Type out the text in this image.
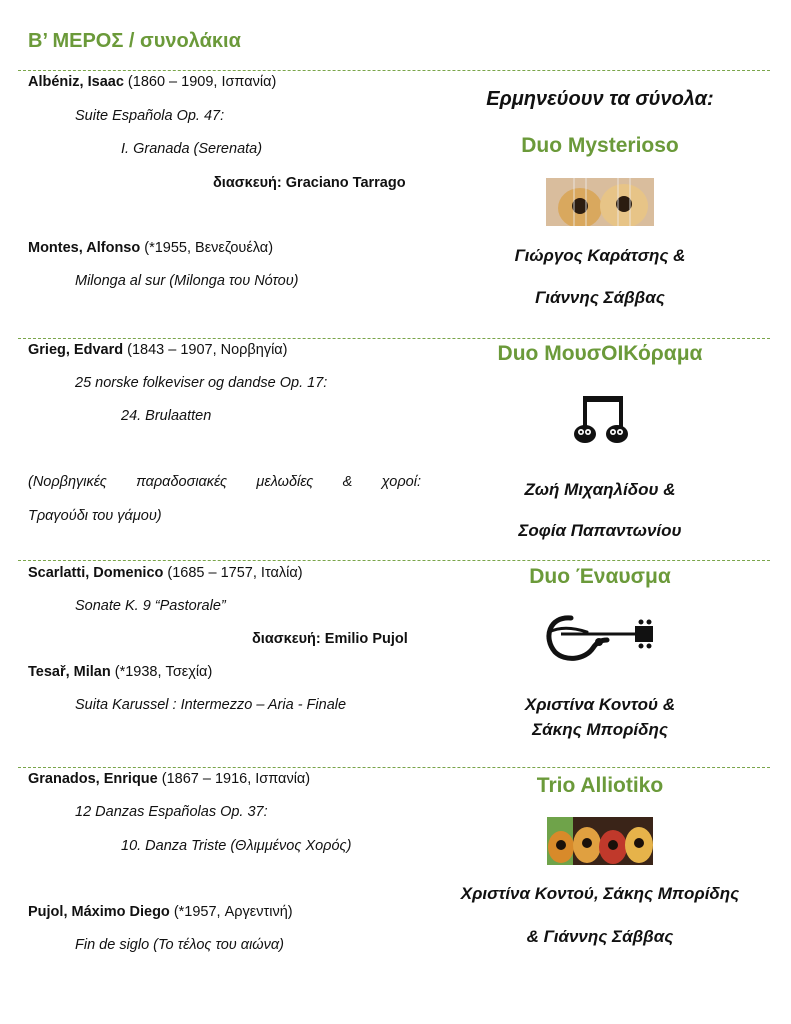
Β’ ΜΕΡΟΣ / συνολάκια
Albéniz, Isaac (1860 – 1909, Ισπανία)
Suite Española Op. 47:
I. Granada (Serenata)
διασκευή: Graciano Tarrago
Montes, Alfonso (*1955, Βενεζουέλα)
Milonga al sur (Milonga του Νότου)
Ερμηνεύουν τα σύνολα:
Duo Mysterioso
Γιώργος Καράτσης &
Γιάννης Σάββας
Grieg, Edvard (1843 – 1907, Νορβηγία)
25 norske folkeviser og dandse Op. 17:
24. Brulaatten
(Νορβηγικές παραδοσιακές μελωδίες & χοροί:
Τραγούδι του γάμου)
Duo ΜουσΟΙΚόραμα
Ζωή Μιχαηλίδου &
Σοφία Παπαντωνίου
Scarlatti, Domenico (1685 – 1757, Ιταλία)
Sonate K. 9 “Pastorale”
διασκευή: Emilio Pujol
Tesař, Milan (*1938, Τσεχία)
Suita Karussel : Intermezzo – Aria - Finale
Duo Έναυσμα
Χριστίνα Κοντού &
Σάκης Μπορίδης
Granados, Enrique (1867 – 1916, Ισπανία)
12 Danzas Españolas Op. 37:
10. Danza Triste (Θλιμμένος Χορός)
Pujol, Máximo Diego (*1957, Αργεντινή)
Fin de siglo (Το τέλος του αιώνα)
Trio Alliotiko
Χριστίνα Κοντού, Σάκης Μπορίδης
& Γιάννης Σάββας
